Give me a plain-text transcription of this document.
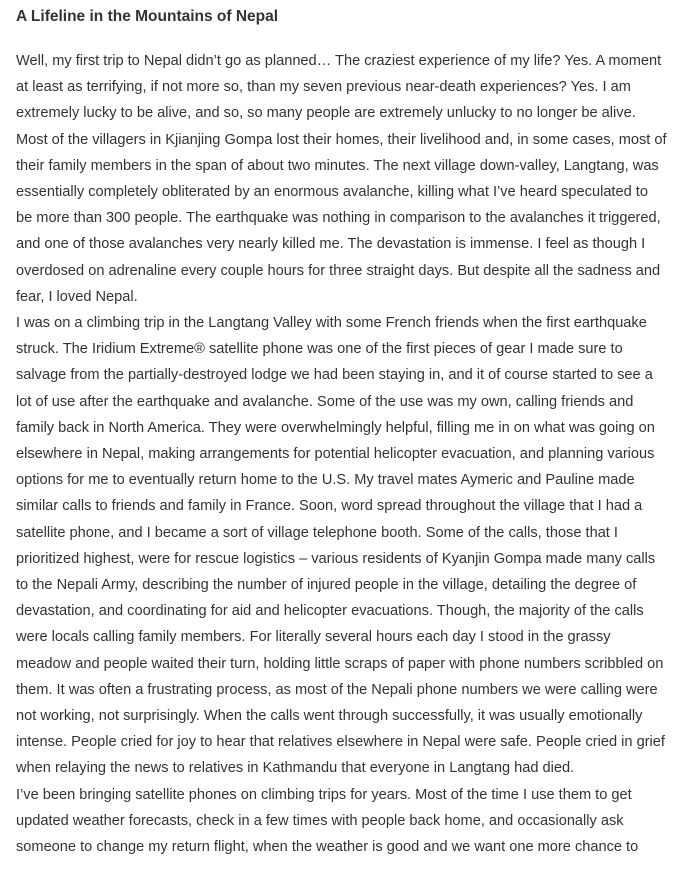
A Lifeline in the Mountains of Nepal

Well, my first trip to Nepal didn’t go as planned… The craziest experience of my life? Yes. A moment at least as terrifying, if not more so, than my seven previous near-death experiences? Yes. I am extremely lucky to be alive, and so, so many people are extremely unlucky to no longer be alive. Most of the villagers in Kjianjing Gompa lost their homes, their livelihood and, in some cases, most of their family members in the span of about two minutes. The next village down-valley, Langtang, was essentially completely obliterated by an enormous avalanche, killing what I’ve heard speculated to be more than 300 people. The earthquake was nothing in comparison to the avalanches it triggered, and one of those avalanches very nearly killed me. The devastation is immense. I feel as though I overdosed on adrenaline every couple hours for three straight days. But despite all the sadness and fear, I loved Nepal.

I was on a climbing trip in the Langtang Valley with some French friends when the first earthquake struck. The Iridium Extreme® satellite phone was one of the first pieces of gear I made sure to salvage from the partially-destroyed lodge we had been staying in, and it of course started to see a lot of use after the earthquake and avalanche. Some of the use was my own, calling friends and family back in North America. They were overwhelmingly helpful, filling me in on what was going on elsewhere in Nepal, making arrangements for potential helicopter evacuation, and planning various options for me to eventually return home to the U.S. My travel mates Aymeric and Pauline made similar calls to friends and family in France. Soon, word spread throughout the village that I had a satellite phone, and I became a sort of village telephone booth. Some of the calls, those that I prioritized highest, were for rescue logistics – various residents of Kyanjin Gompa made many calls to the Nepali Army, describing the number of injured people in the village, detailing the degree of devastation, and coordinating for aid and helicopter evacuations. Though, the majority of the calls were locals calling family members. For literally several hours each day I stood in the grassy meadow and people waited their turn, holding little scraps of paper with phone numbers scribbled on them. It was often a frustrating process, as most of the Nepali phone numbers we were calling were not working, not surprisingly. When the calls went through successfully, it was usually emotionally intense. People cried for joy to hear that relatives elsewhere in Nepal were safe. People cried in grief when relaying the news to relatives in Kathmandu that everyone in Langtang had died.

I’ve been bringing satellite phones on climbing trips for years. Most of the time I use them to get updated weather forecasts, check in a few times with people back home, and occasionally ask someone to change my return flight, when the weather is good and we want one more chance to
